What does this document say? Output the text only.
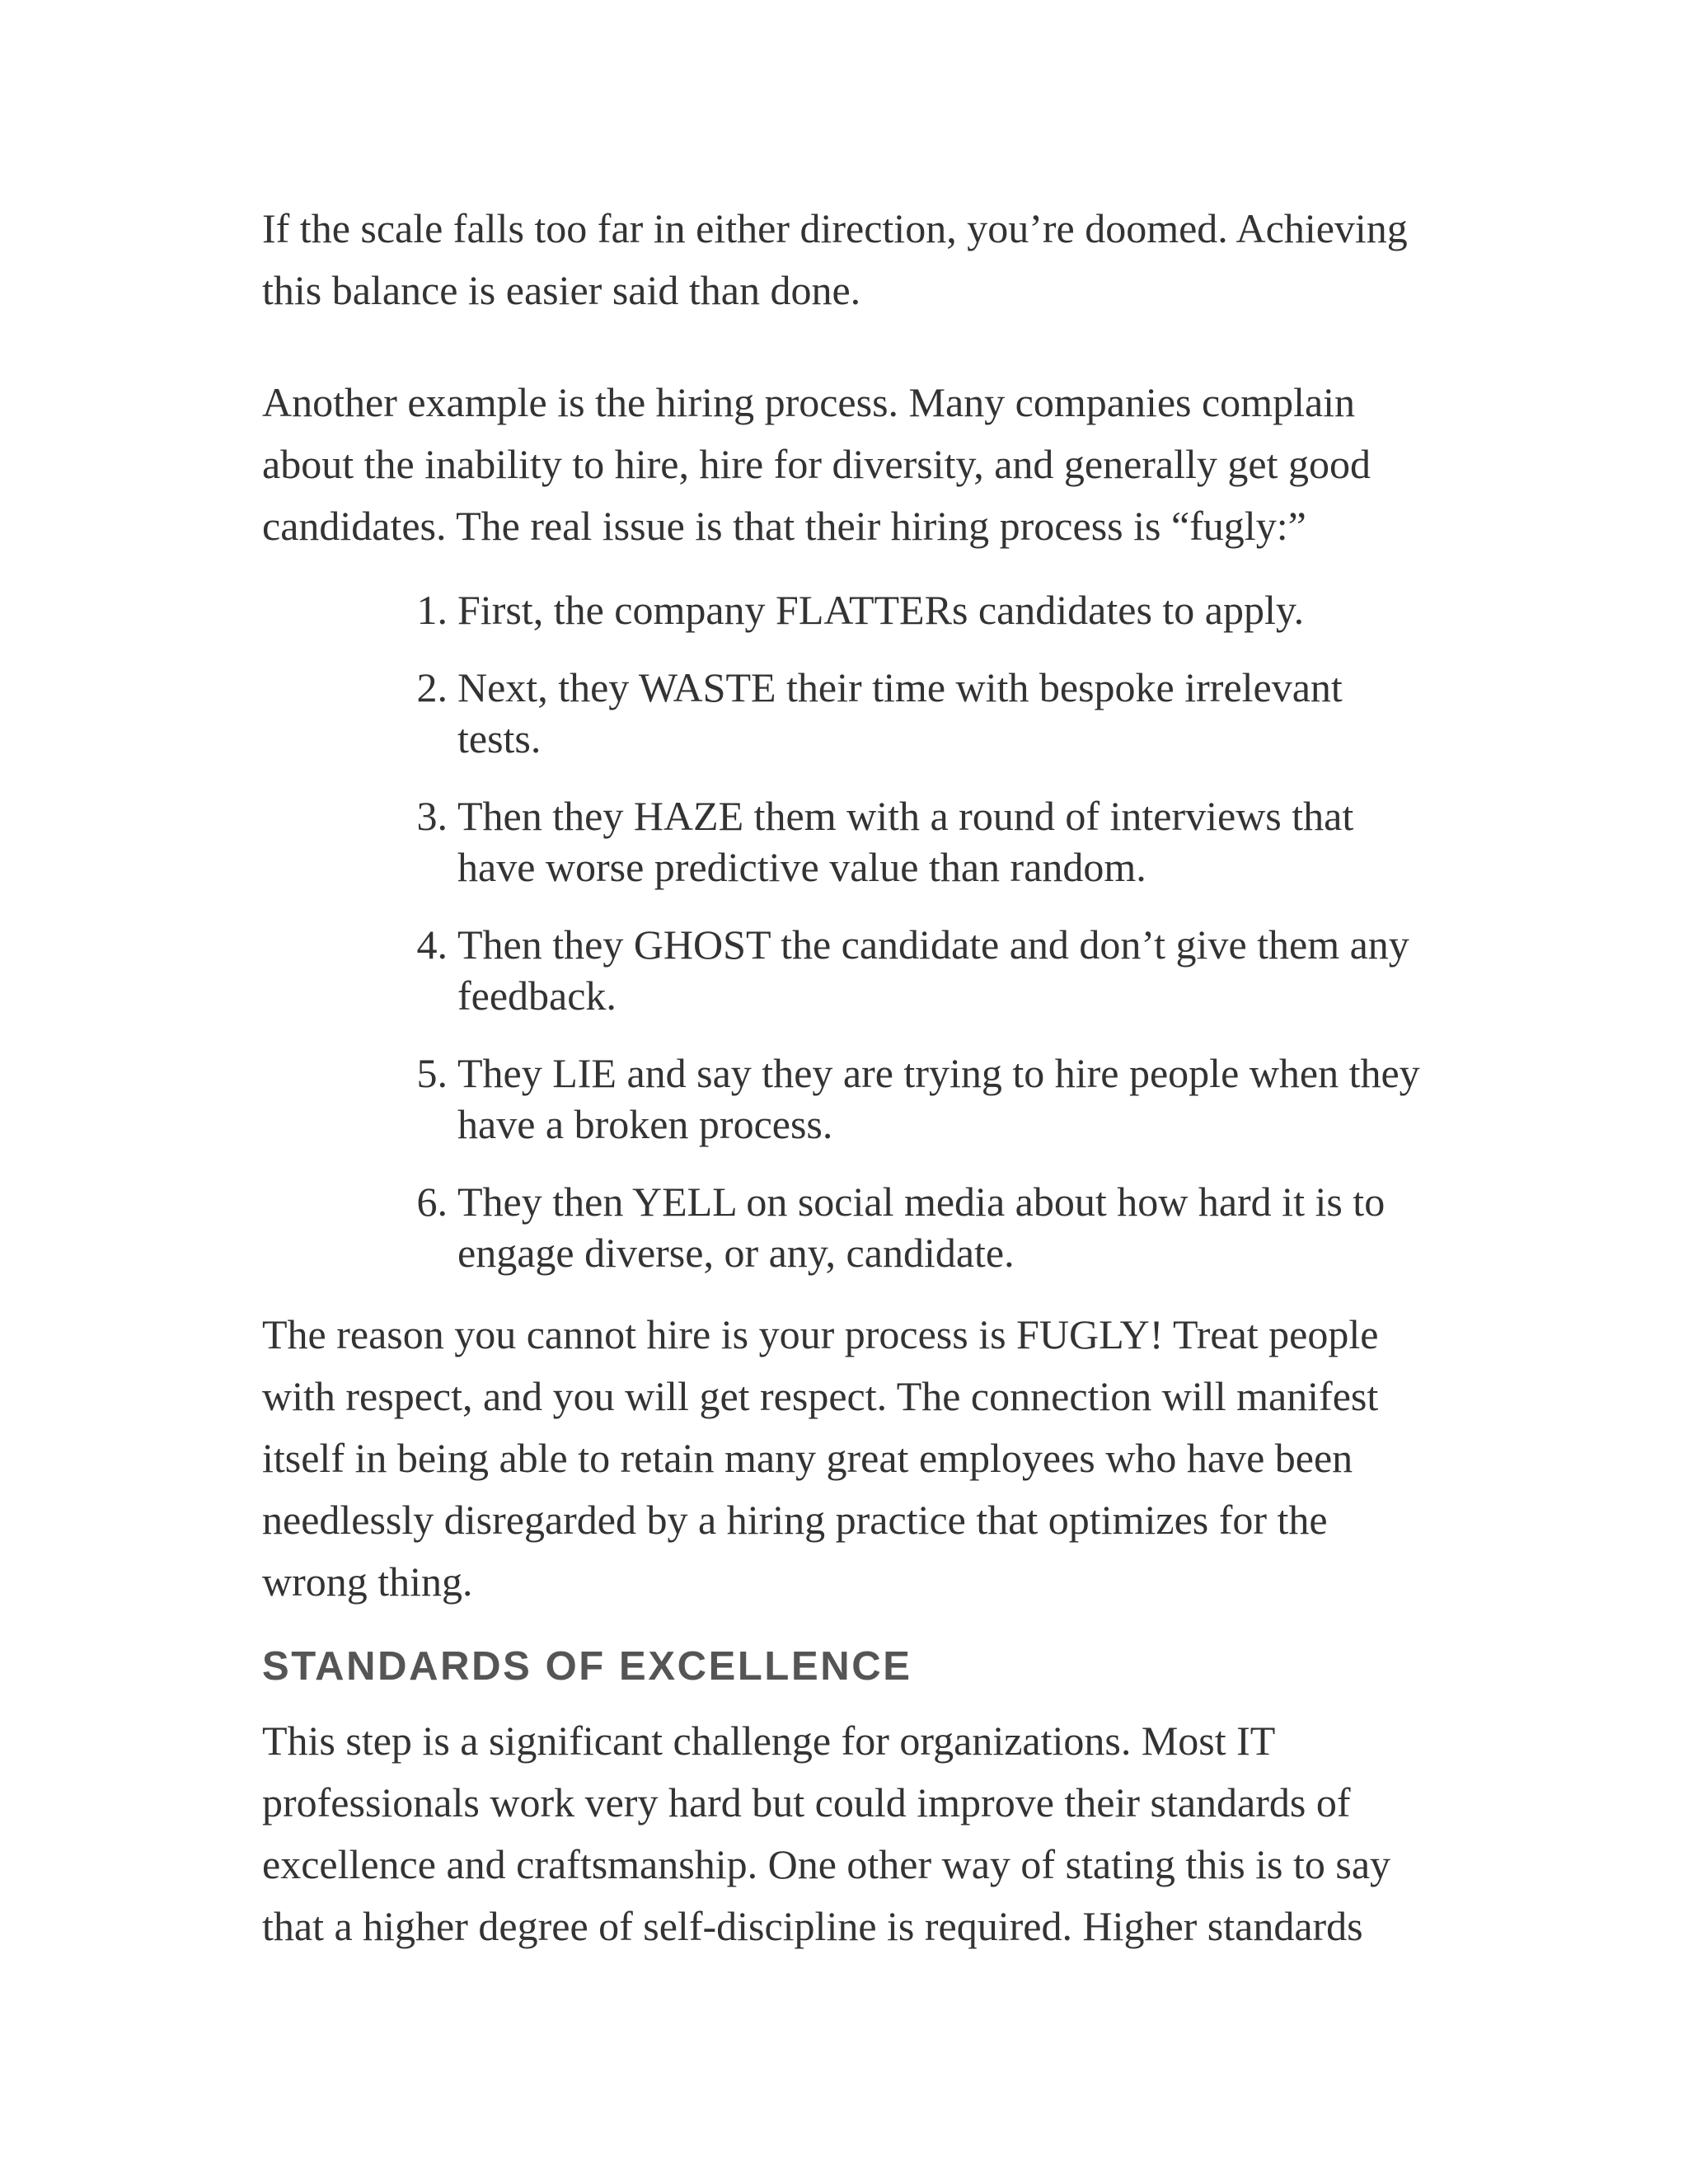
If the scale falls too far in either direction, you’re doomed. Achieving this balance is easier said than done.

Another example is the hiring process. Many companies complain about the inability to hire, hire for diversity, and generally get good candidates. The real issue is that their hiring process is “fugly:”

1. First, the company FLATTERs candidates to apply.
2. Next, they WASTE their time with bespoke irrelevant tests.
3. Then they HAZE them with a round of interviews that have worse predictive value than random.
4. Then they GHOST the candidate and don’t give them any feedback.
5. They LIE and say they are trying to hire people when they have a broken process.
6. They then YELL on social media about how hard it is to engage diverse, or any, candidate.

The reason you cannot hire is your process is FUGLY! Treat people with respect, and you will get respect. The connection will manifest itself in being able to retain many great employees who have been needlessly disregarded by a hiring practice that optimizes for the wrong thing.

STANDARDS OF EXCELLENCE

This step is a significant challenge for organizations. Most IT professionals work very hard but could improve their standards of excellence and craftsmanship. One other way of stating this is to say that a higher degree of self-discipline is required. Higher standards
